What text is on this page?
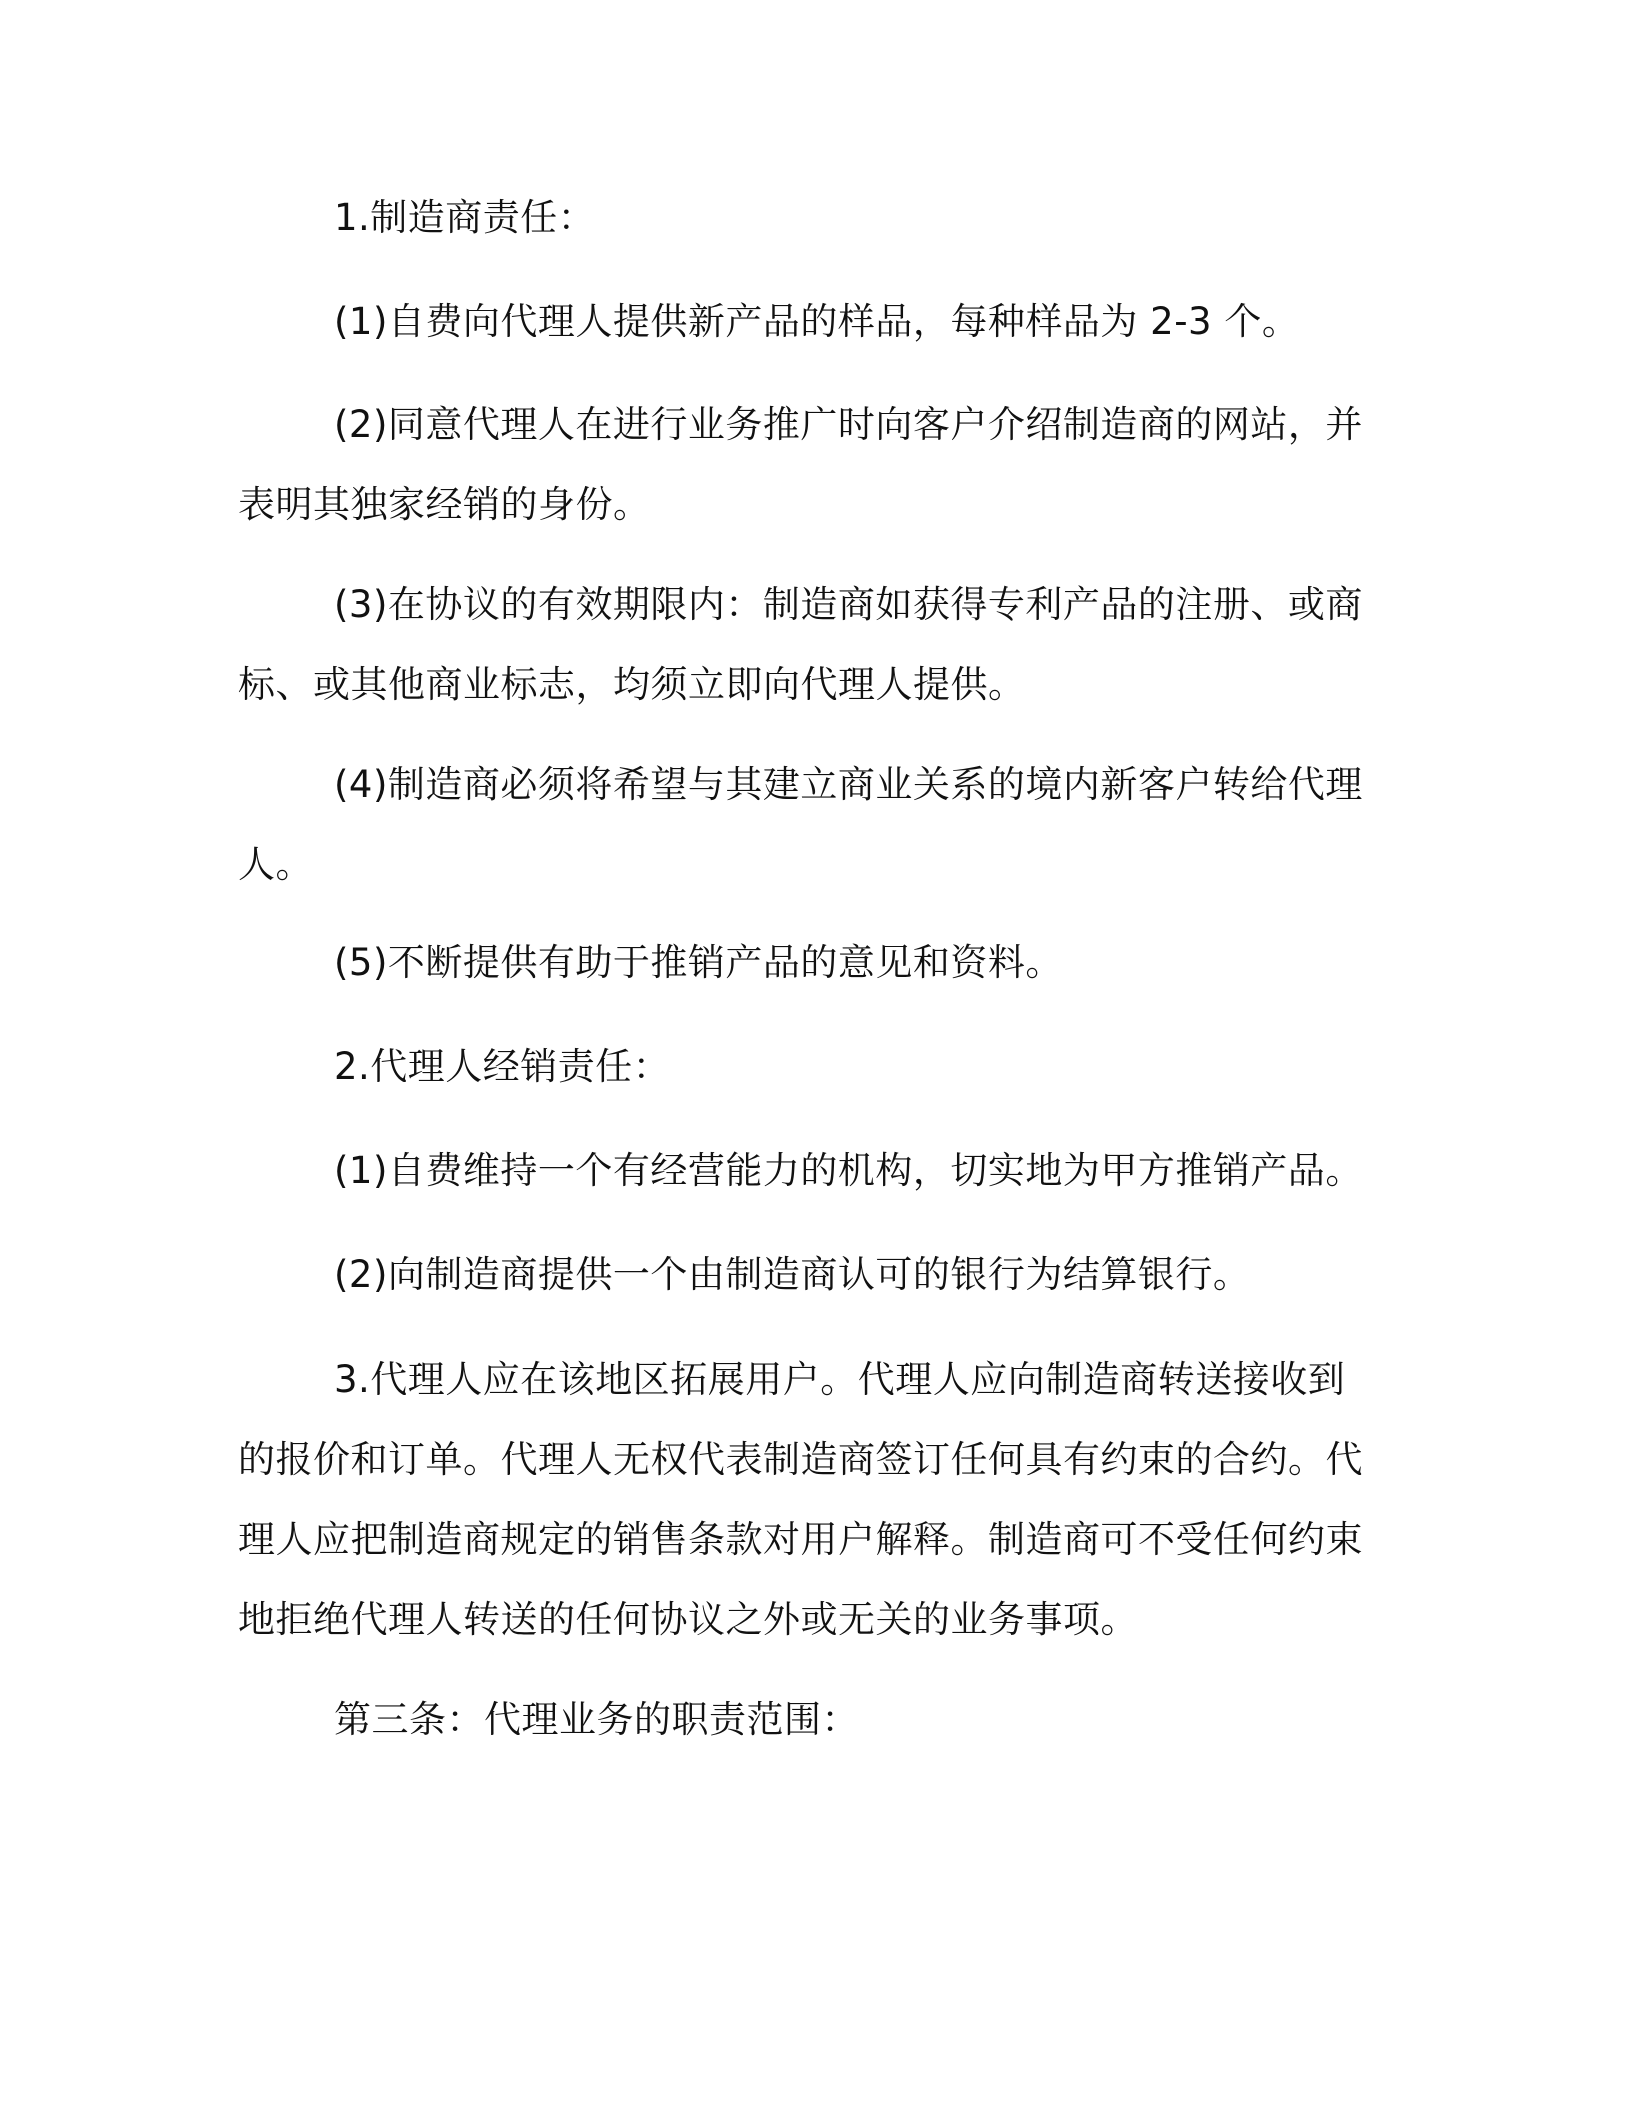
1.制造商责任：

(1)自费向代理人提供新产品的样品，每种样品为 2-3 个。

(2)同意代理人在进行业务推广时向客户介绍制造商的网站，并表明其独家经销的身份。

(3)在协议的有效期限内：制造商如获得专利产品的注册、或商标、或其他商业标志，均须立即向代理人提供。

(4)制造商必须将希望与其建立商业关系的境内新客户转给代理人。

(5)不断提供有助于推销产品的意见和资料。

2.代理人经销责任：

(1)自费维持一个有经营能力的机构，切实地为甲方推销产品。

(2)向制造商提供一个由制造商认可的银行为结算银行。

3.代理人应在该地区拓展用户。代理人应向制造商转送接收到的报价和订单。代理人无权代表制造商签订任何具有约束的合约。代理人应把制造商规定的销售条款对用户解释。制造商可不受任何约束地拒绝代理人转送的任何协议之外或无关的业务事项。

第三条：代理业务的职责范围：
